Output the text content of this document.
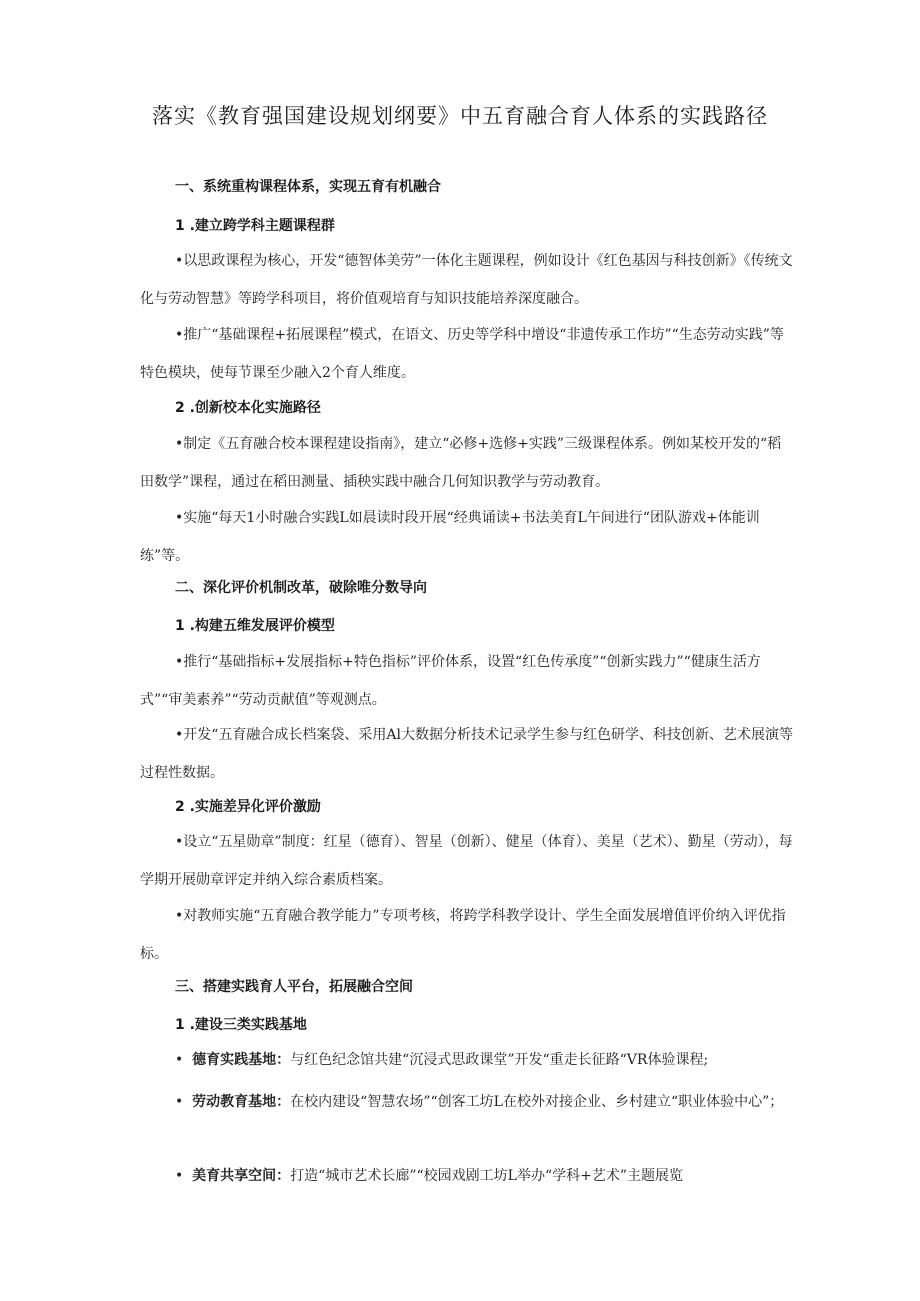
落实《教育强国建设规划纲要》中五育融合育人体系的实践路径
一、系统重构课程体系，实现五育有机融合
1 .建立跨学科主题课程群
•以思政课程为核心，开发“德智体美劳”一体化主题课程，例如设计《红色基因与科技创新》《传统文化与劳动智慧》等跨学科项目，将价值观培育与知识技能培养深度融合。
•推广“基础课程+拓展课程”模式，在语文、历史等学科中增设“非遗传承工作坊”“生态劳动实践”等特色模块，使每节课至少融入2个育人维度。
2 .创新校本化实施路径
•制定《五育融合校本课程建设指南》，建立“必修+选修+实践”三级课程体系。例如某校开发的“稻田数学”课程，通过在稻田测量、插秧实践中融合几何知识教学与劳动教育。
•实施“每天1小时融合实践L如晨读时段开展“经典诵读+书法美育L午间进行“团队游戏+体能训练”等。
二、深化评价机制改革，破除唯分数导向
1 .构建五维发展评价模型
•推行“基础指标+发展指标+特色指标”评价体系，设置“红色传承度”“创新实践力”“健康生活方式”“审美素养”“劳动贡献值”等观测点。
•开发“五育融合成长档案袋、采用Al大数据分析技术记录学生参与红色研学、科技创新、艺术展演等过程性数据。
2 .实施差异化评价激励
•设立“五星勋章”制度：红星（德育）、智星（创新）、健星（体育）、美星（艺术）、勤星（劳动），每学期开展勋章评定并纳入综合素质档案。
•对教师实施“五育融合教学能力”专项考核，将跨学科教学设计、学生全面发展增值评价纳入评优指标。
三、搭建实践育人平台，拓展融合空间
1 .建设三类实践基地
•  德育实践基地：与红色纪念馆共建“沉浸式思政课堂”开发“重走长征路“VR体验课程;
•  劳动教育基地：在校内建设“智慧农场”“创客工坊L在校外对接企业、乡村建立“职业体验中心”；
•  美育共享空间：打造“城市艺术长廊”“校园戏剧工坊L举办“学科+艺术”主题展览
